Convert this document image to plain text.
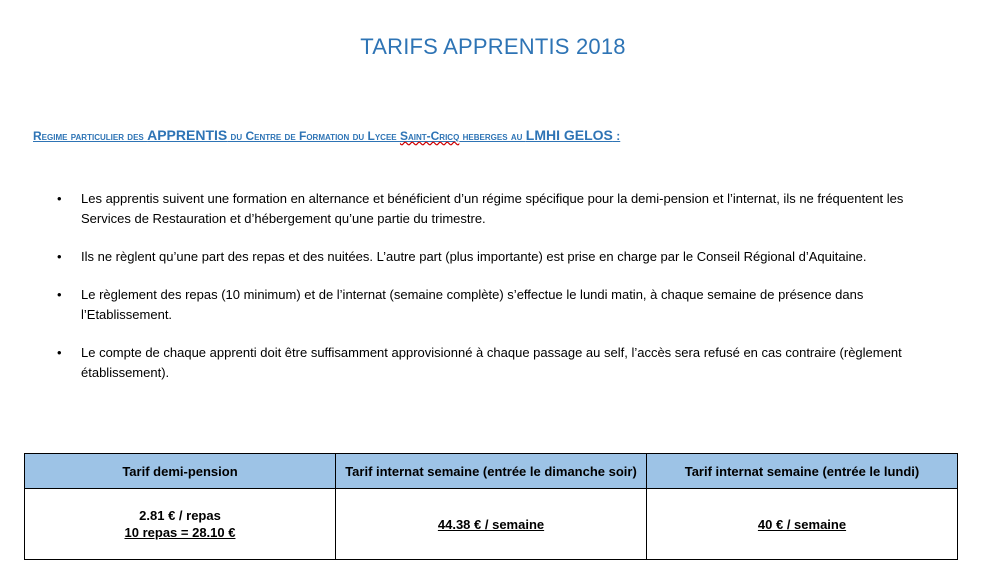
TARIFS APPRENTIS 2018
Regime particulier des APPRENTIS du Centre de Formation du Lycee Saint-Cricq heberges au LMHI GELOS :
• Les apprentis suivent une formation en alternance et bénéficient d’un régime spécifique pour la demi-pension et l’internat, ils ne fréquentent les Services de Restauration et d’hébergement qu’une partie du trimestre.
• Ils ne règlent qu’une part des repas et des nuitées. L’autre part (plus importante) est prise en charge par le Conseil Régional d’Aquitaine.
• Le règlement des repas (10 minimum) et de l’internat (semaine complète) s’effectue le lundi matin, à chaque semaine de présence dans l’Etablissement.
• Le compte de chaque apprenti doit être suffisamment approvisionné à chaque passage au self, l’accès sera refusé en cas contraire (règlement établissement).
Tarif demi-pension	Tarif internat semaine (entrée le dimanche soir)	Tarif internat semaine (entrée le lundi)
2.81 € / repas
10 repas = 28.10 €	44.38 € / semaine	40 € / semaine
